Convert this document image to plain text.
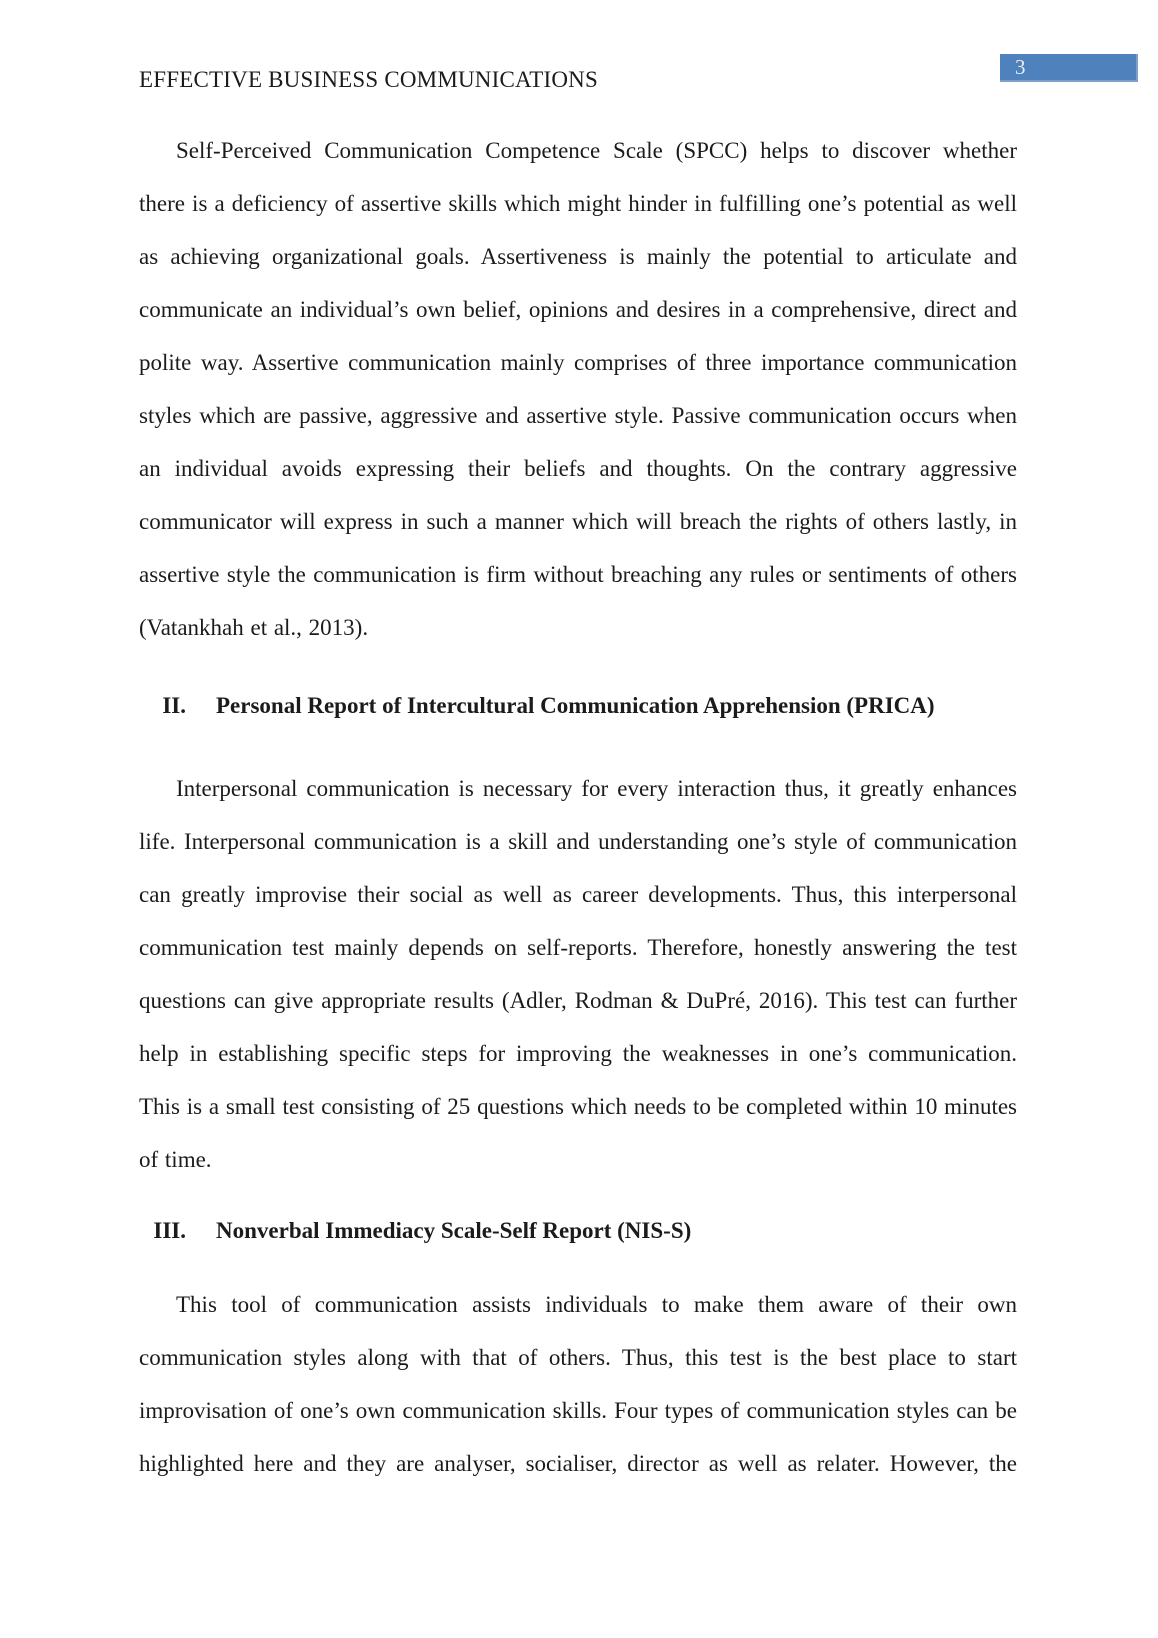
EFFECTIVE BUSINESS COMMUNICATIONS	3

Self-Perceived Communication Competence Scale (SPCC) helps to discover whether there is a deficiency of assertive skills which might hinder in fulfilling one’s potential as well as achieving organizational goals. Assertiveness is mainly the potential to articulate and communicate an individual’s own belief, opinions and desires in a comprehensive, direct and polite way. Assertive communication mainly comprises of three importance communication styles which are passive, aggressive and assertive style. Passive communication occurs when an individual avoids expressing their beliefs and thoughts. On the contrary aggressive communicator will express in such a manner which will breach the rights of others lastly, in assertive style the communication is firm without breaching any rules or sentiments of others (Vatankhah et al., 2013).

II. Personal Report of Intercultural Communication Apprehension (PRICA)

Interpersonal communication is necessary for every interaction thus, it greatly enhances life. Interpersonal communication is a skill and understanding one’s style of communication can greatly improvise their social as well as career developments. Thus, this interpersonal communication test mainly depends on self-reports. Therefore, honestly answering the test questions can give appropriate results (Adler, Rodman & DuPré, 2016). This test can further help in establishing specific steps for improving the weaknesses in one’s communication. This is a small test consisting of 25 questions which needs to be completed within 10 minutes of time.

III. Nonverbal Immediacy Scale-Self Report (NIS-S)

This tool of communication assists individuals to make them aware of their own communication styles along with that of others. Thus, this test is the best place to start improvisation of one’s own communication skills. Four types of communication styles can be highlighted here and they are analyser, socialiser, director as well as relater. However, the
